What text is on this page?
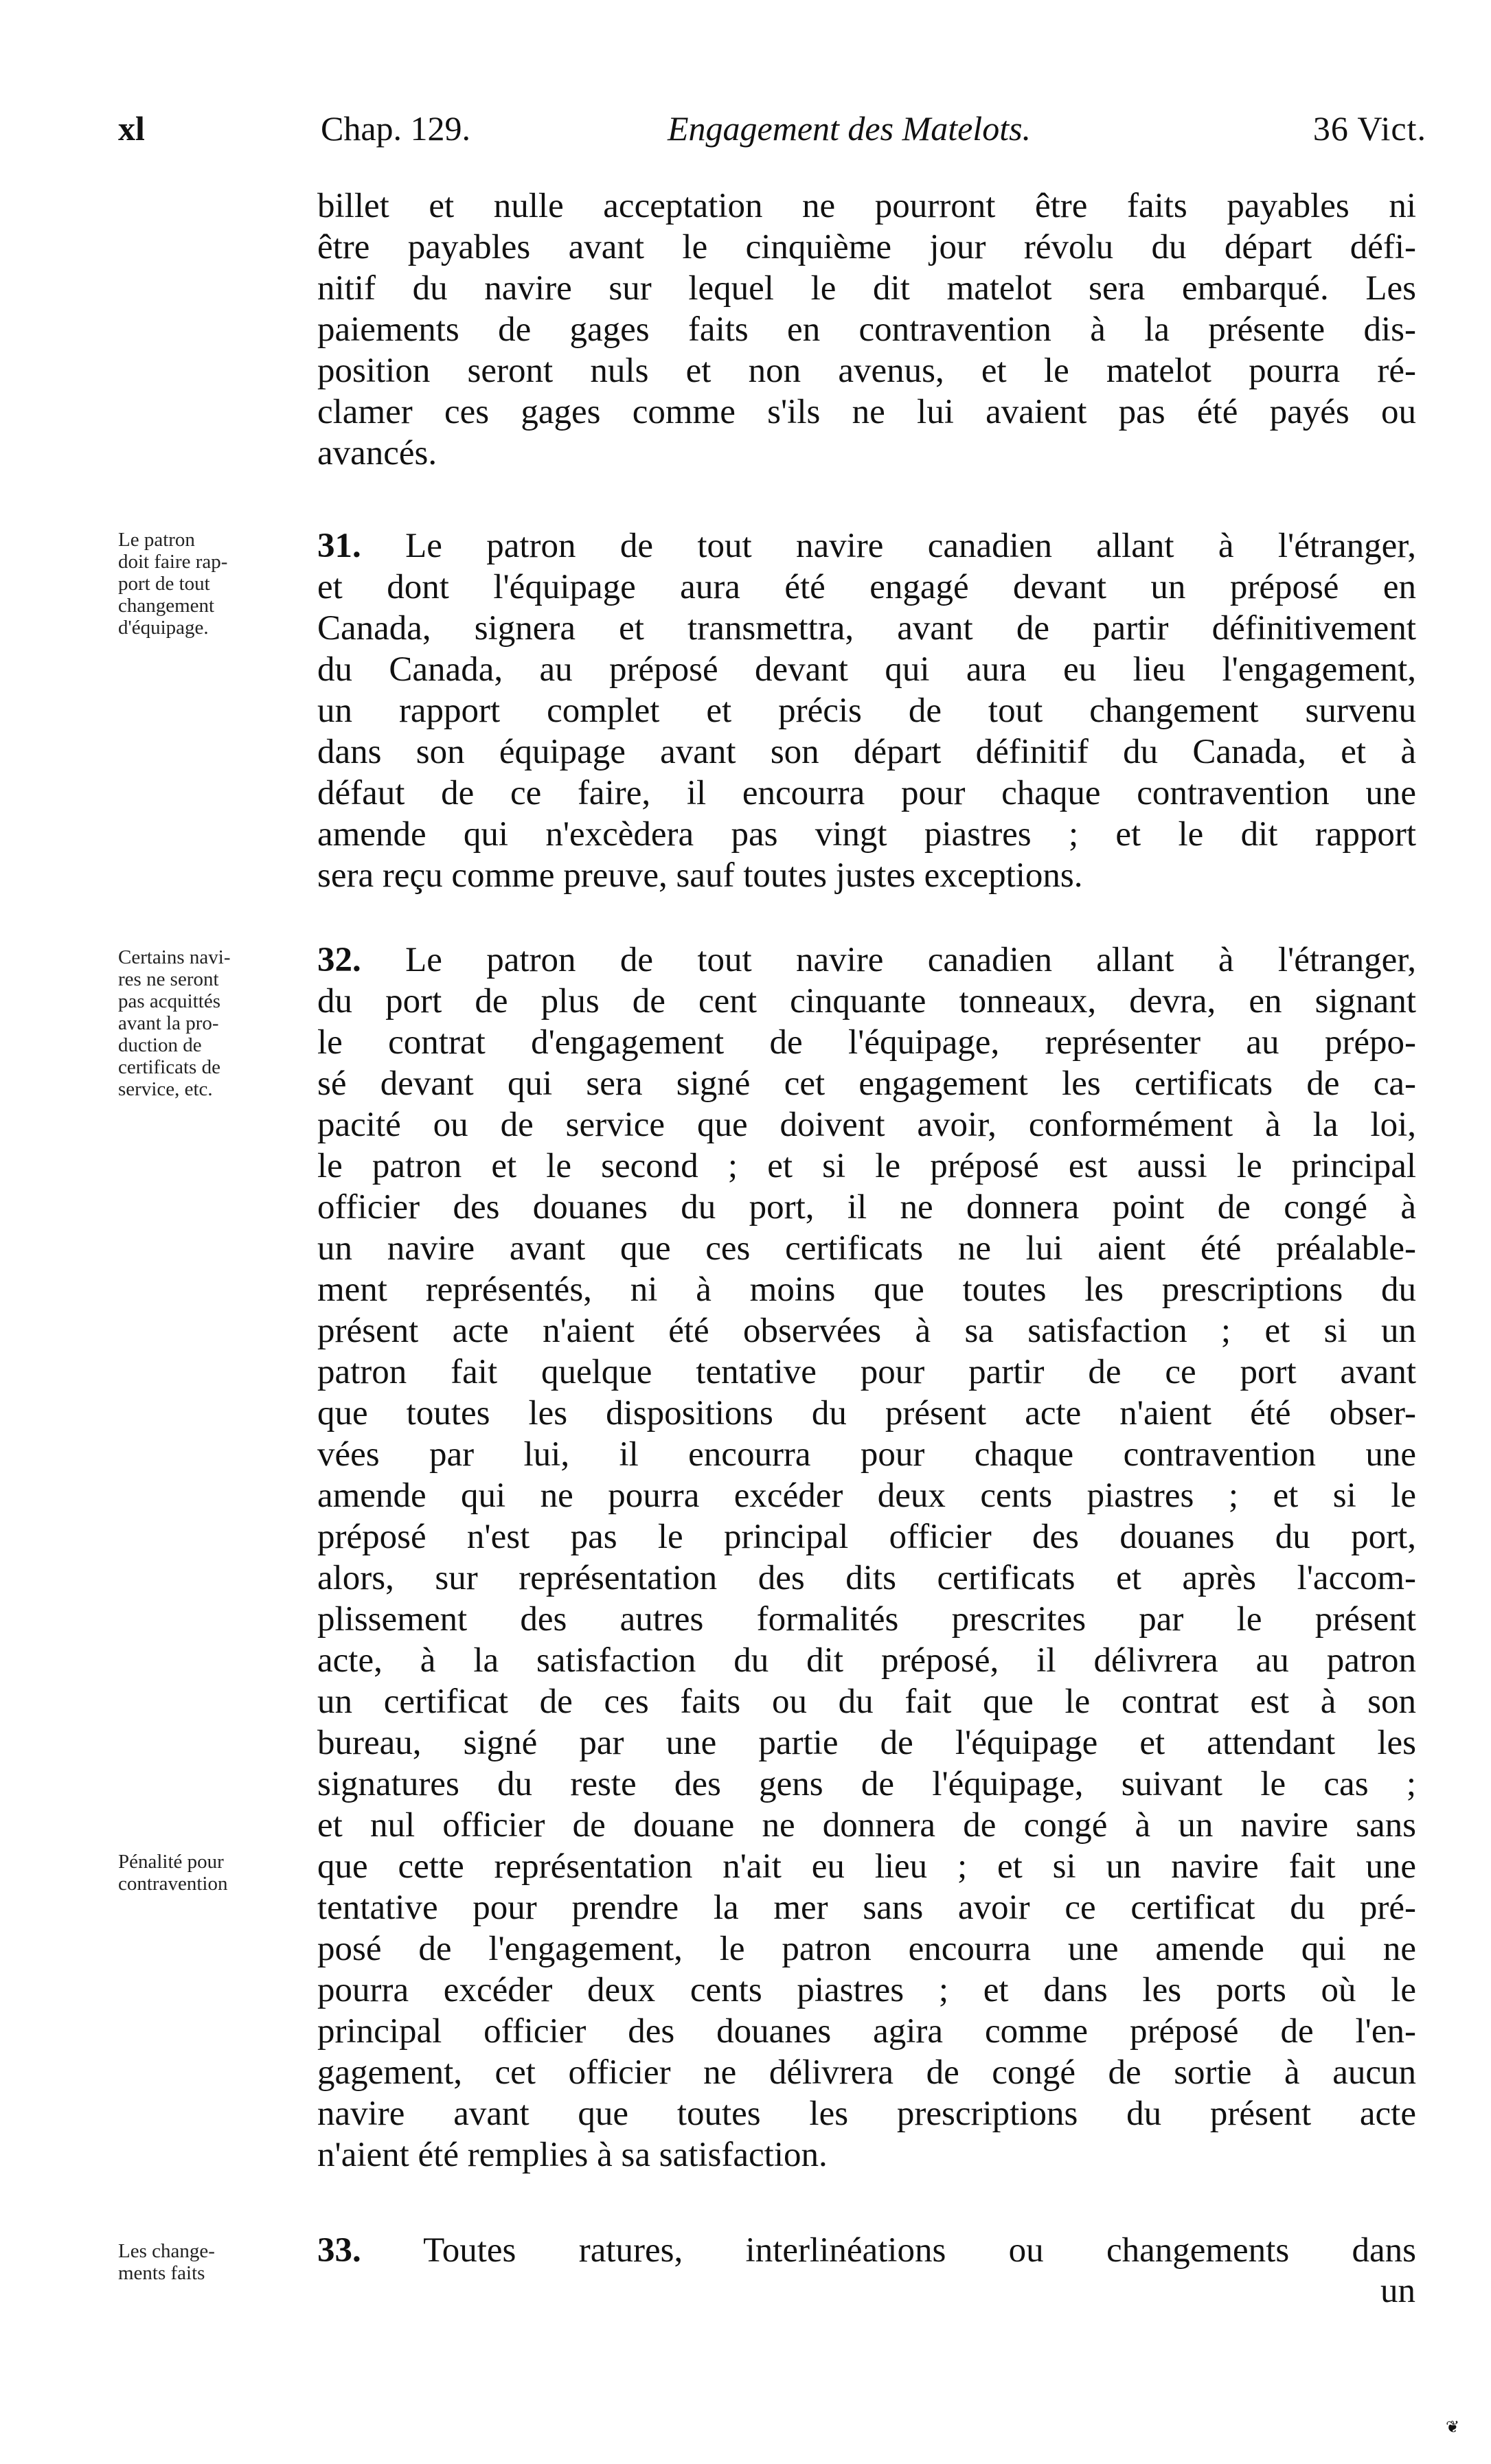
xl	Chap. 129.	Engagement des Matelots.	36 Vict.
billet et nulle acceptation ne pourront être faits payables ni
être payables avant le cinquième jour révolu du départ défi-
nitif du navire sur lequel le dit matelot sera embarqué. Les
paiements de gages faits en contravention à la présente dis-
position seront nuls et non avenus, et le matelot pourra ré-
clamer ces gages comme s'ils ne lui avaient pas été payés ou
avancés.
Le patron
doit faire rap-
port de tout
changement
d'équipage.
31. Le patron de tout navire canadien allant à l'étranger,
et dont l'équipage aura été engagé devant un préposé en
Canada, signera et transmettra, avant de partir définitivement
du Canada, au préposé devant qui aura eu lieu l'engagement,
un rapport complet et précis de tout changement survenu
dans son équipage avant son départ définitif du Canada, et à
défaut de ce faire, il encourra pour chaque contravention une
amende qui n'excèdera pas vingt piastres ; et le dit rapport
sera reçu comme preuve, sauf toutes justes exceptions.
Certains navi-
res ne seront
pas acquittés
avant la pro-
duction de
certificats de
service, etc.
Pénalité pour
contravention
32. Le patron de tout navire canadien allant à l'étranger,
du port de plus de cent cinquante tonneaux, devra, en signant
le contrat d'engagement de l'équipage, représenter au prépo-
sé devant qui sera signé cet engagement les certificats de ca-
pacité ou de service que doivent avoir, conformément à la loi,
le patron et le second ; et si le préposé est aussi le principal
officier des douanes du port, il ne donnera point de congé à
un navire avant que ces certificats ne lui aient été préalable-
ment représentés, ni à moins que toutes les prescriptions du
présent acte n'aient été observées à sa satisfaction ; et si un
patron fait quelque tentative pour partir de ce port avant
que toutes les dispositions du présent acte n'aient été obser-
vées par lui, il encourra pour chaque contravention une
amende qui ne pourra excéder deux cents piastres ; et si le
préposé n'est pas le principal officier des douanes du port,
alors, sur représentation des dits certificats et après l'accom-
plissement des autres formalités prescrites par le présent
acte, à la satisfaction du dit préposé, il délivrera au patron
un certificat de ces faits ou du fait que le contrat est à son
bureau, signé par une partie de l'équipage et attendant les
signatures du reste des gens de l'équipage, suivant le cas ;
et nul officier de douane ne donnera de congé à un navire sans
que cette représentation n'ait eu lieu ; et si un navire fait une
tentative pour prendre la mer sans avoir ce certificat du pré-
posé de l'engagement, le patron encourra une amende qui ne
pourra excéder deux cents piastres ; et dans les ports où le
principal officier des douanes agira comme préposé de l'en-
gagement, cet officier ne délivrera de congé de sortie à aucun
navire avant que toutes les prescriptions du présent acte
n'aient été remplies à sa satisfaction.
Les change-
ments faits
33. Toutes ratures, interlinéations ou changements dans
un
❦
